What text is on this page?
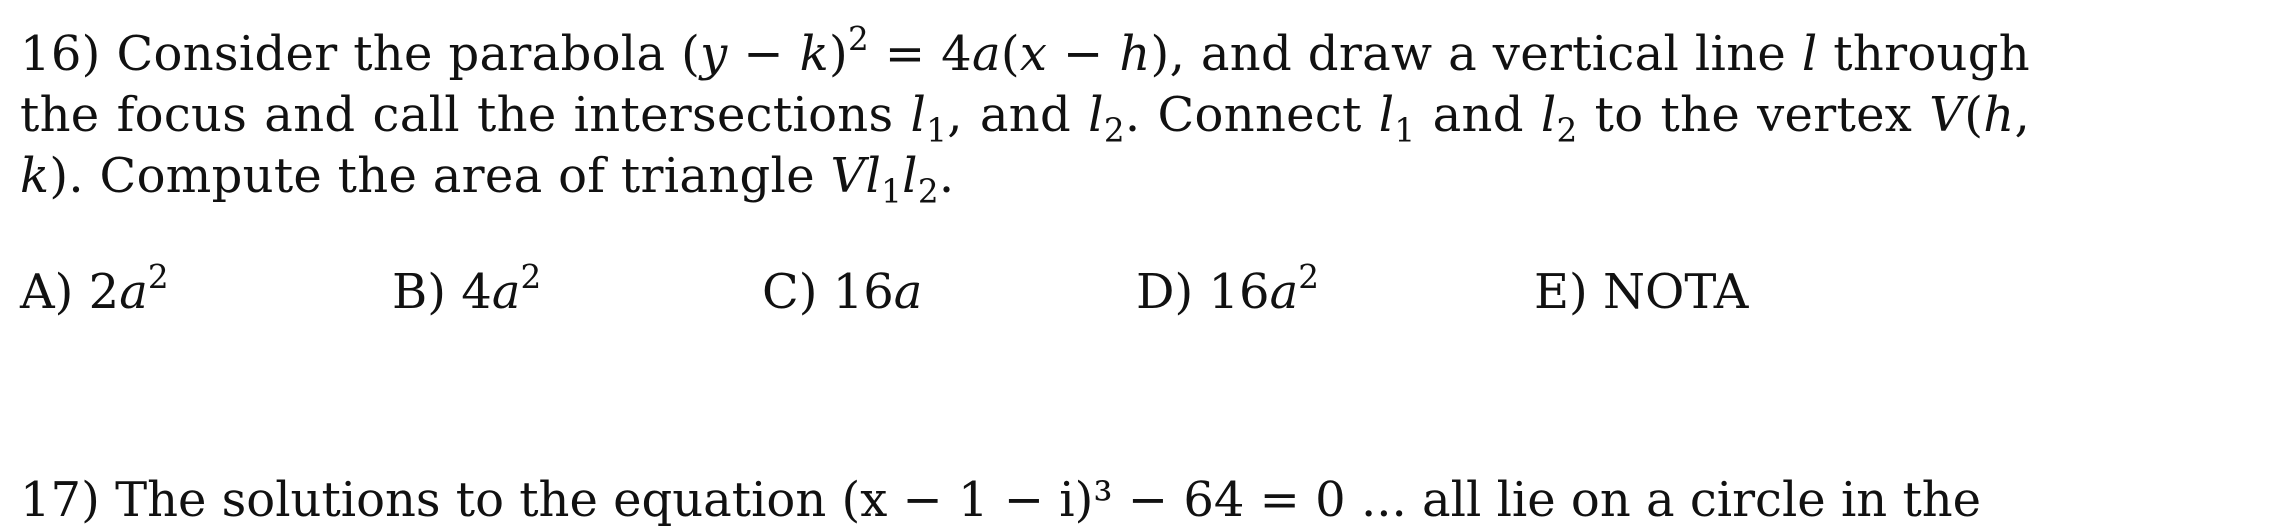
16) Consider the parabola $(y - k)^2 = 4a(x - h)$, and draw a vertical line l through the focus and call the intersections $l_1$, and $l_2$. Connect $l_1$ and $l_2$ to the vertex V(h, k). Compute the area of triangle $Vl_1l_2$.

A) $2a^2$	B) $4a^2$	C) 16a	D) $16a^2$	E) NOTA
17) The solutions to the equation (x − 1 − i)³ − 64 = 0 ... all lie on a circle in the
